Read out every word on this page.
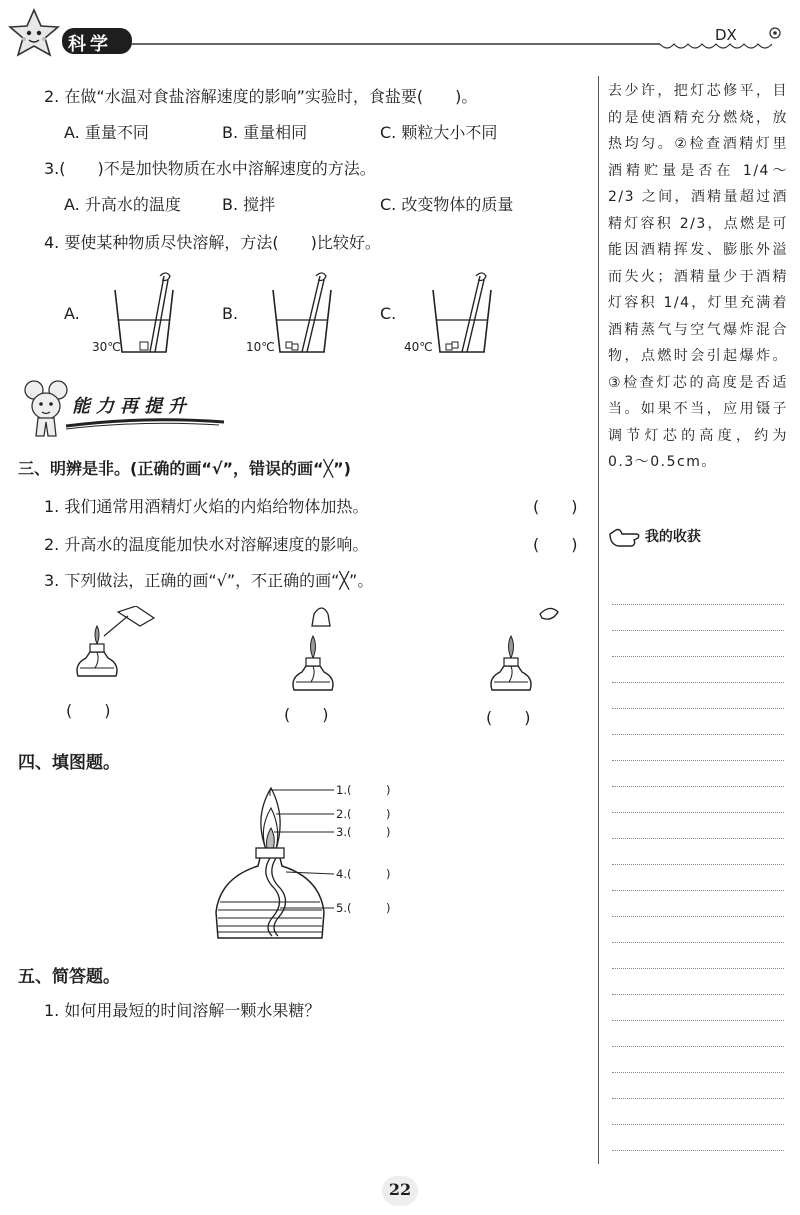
DX
科学
2. 在做“水温对食盐溶解速度的影响”实验时，食盐要(　　)。
A. 重量不同	B. 重量相同	C. 颗粒大小不同
3.(　　)不是加快物质在水中溶解速度的方法。
A. 升高水的温度	B. 搅拌	C. 改变物体的质量
4. 要使某种物质尽快溶解，方法(　　)比较好。
A.	B.	C.
30℃	10℃	40℃
能力再提升
三、明辨是非。(正确的画“√”，错误的画“╳”)
1. 我们通常用酒精灯火焰的内焰给物体加热。	(　　)
2. 升高水的温度能加快水对溶解速度的影响。	(　　)
3. 下列做法，正确的画“√”，不正确的画“╳”。
(　　)	(　　)	(　　)
四、填图题。
1.(　　　)
2.(　　　)
3.(　　　)
4.(　　　)
5.(　　　)
五、简答题。
1. 如何用最短的时间溶解一颗水果糖？
去少许，把灯芯修平，目的是使酒精充分燃烧，放热均匀。②检查酒精灯里酒精贮量是否在 1/4～2/3 之间，酒精量超过酒精灯容积 2/3，点燃是可能因酒精挥发、膨胀外溢而失火；酒精量少于酒精灯容积 1/4，灯里充满着酒精蒸气与空气爆炸混合物，点燃时会引起爆炸。③检查灯芯的高度是否适当。如果不当，应用镊子调节灯芯的高度，约为 0.3～0.5cm。
我的收获
22
